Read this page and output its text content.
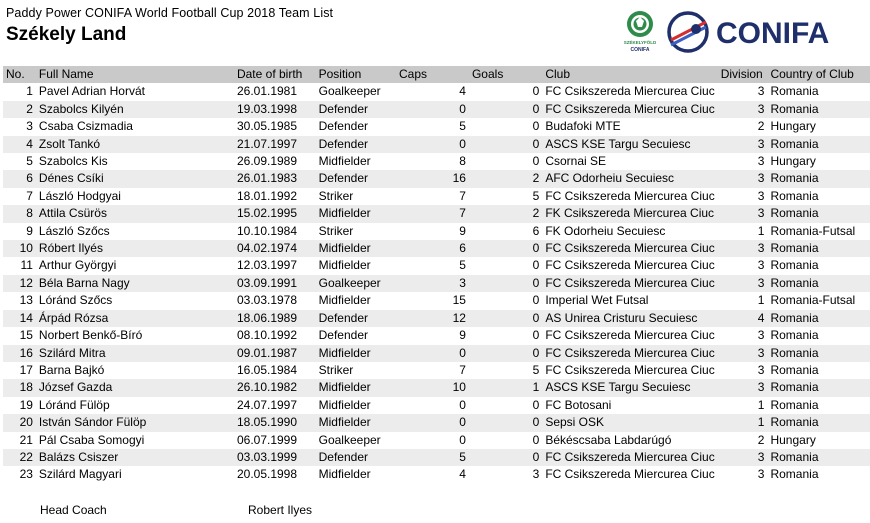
Paddy Power CONIFA World Football Cup 2018 Team List
Székely Land	SZÉKELYFÖLD
CONIFA CONIFA
No.	Full Name	Date of birth	Position	Caps	Goals	Club	Division	Country of Club
1	Pavel Adrian Horvát	26.01.1981	Goalkeeper	4	0	FC Csikszereda Miercurea Ciuc	3	Romania
2	Szabolcs Kilyén	19.03.1998	Defender	0	0	FC Csikszereda Miercurea Ciuc	3	Romania
3	Csaba Csizmadia	30.05.1985	Defender	5	0	Budafoki MTE	2	Hungary
4	Zsolt Tankó	21.07.1997	Defender	0	0	ASCS KSE Targu Secuiesc	3	Romania
5	Szabolcs Kis	26.09.1989	Midfielder	8	0	Csornai SE	3	Hungary
6	Dénes Csíki	26.01.1983	Defender	16	2	AFC Odorheiu Secuiesc	3	Romania
7	László Hodgyai	18.01.1992	Striker	7	5	FC Csikszereda Miercurea Ciuc	3	Romania
8	Attila Csürös	15.02.1995	Midfielder	7	2	FK Csikszereda Miercurea Ciuc	3	Romania
9	László Szőcs	10.10.1984	Striker	9	6	FK Odorheiu Secuiesc	1	Romania-Futsal
10	Róbert Ilyés	04.02.1974	Midfielder	6	0	FC Csikszereda Miercurea Ciuc	3	Romania
11	Arthur Györgyi	12.03.1997	Midfielder	5	0	FC Csikszereda Miercurea Ciuc	3	Romania
12	Béla Barna Nagy	03.09.1991	Goalkeeper	3	0	FC Csikszereda Miercurea Ciuc	3	Romania
13	Lóránd Szőcs	03.03.1978	Midfielder	15	0	Imperial Wet Futsal	1	Romania-Futsal
14	Árpád Rózsa	18.06.1989	Defender	12	0	AS Unirea Cristuru Secuiesc	4	Romania
15	Norbert Benkő-Bíró	08.10.1992	Defender	9	0	FC Csikszereda Miercurea Ciuc	3	Romania
16	Szilárd Mitra	09.01.1987	Midfielder	0	0	FC Csikszereda Miercurea Ciuc	3	Romania
17	Barna Bajkó	16.05.1984	Striker	7	5	FC Csikszereda Miercurea Ciuc	3	Romania
18	József Gazda	26.10.1982	Midfielder	10	1	ASCS KSE Targu Secuiesc	3	Romania
19	Lóránd Fülöp	24.07.1997	Midfielder	0	0	FC Botosani	1	Romania
20	István Sándor Fülöp	18.05.1990	Midfielder	0	0	Sepsi OSK	1	Romania
21	Pál Csaba Somogyi	06.07.1999	Goalkeeper	0	0	Békéscsaba Labdarúgó	2	Hungary
22	Balázs Csiszer	03.03.1999	Defender	5	0	FC Csikszereda Miercurea Ciuc	3	Romania
23	Szilárd Magyari	20.05.1998	Midfielder	4	3	FC Csikszereda Miercurea Ciuc	3	Romania
Head Coach	Robert Ilyes
